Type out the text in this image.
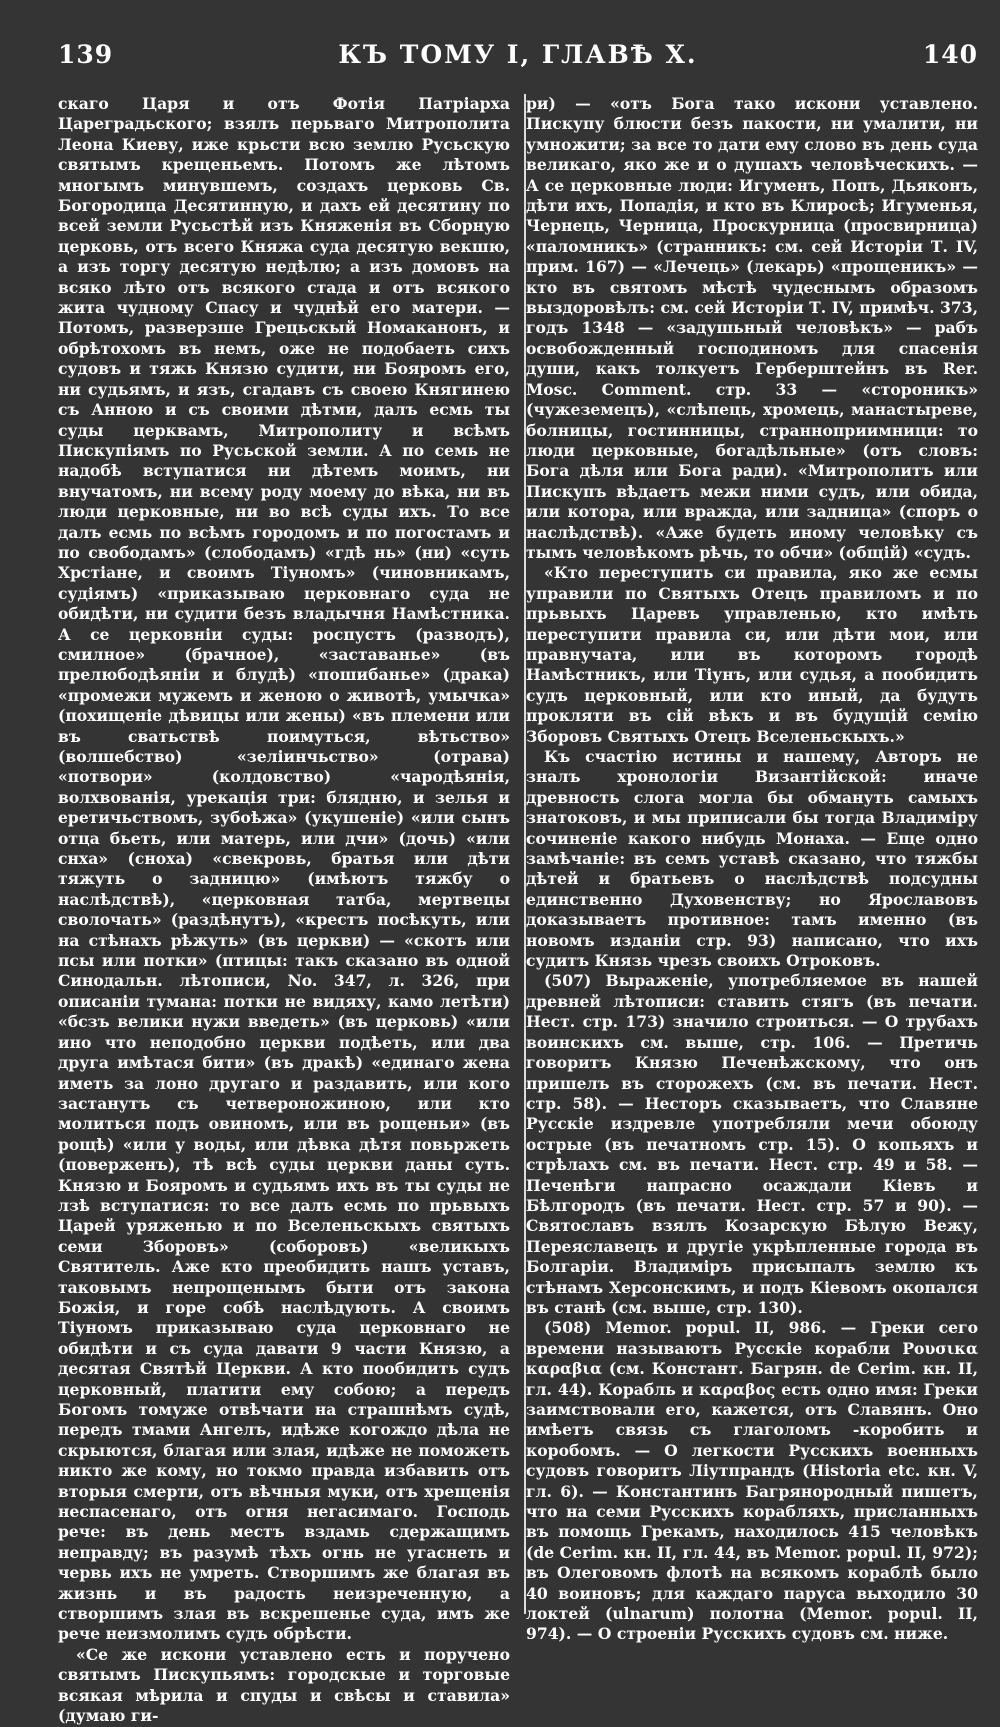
139	КЪ ТОМУ I, ГЛАВѢ X.	140

скаго Царя и отъ Фотія Патріарха Цареградьского; взялъ перьваго Митрополита Леона Киеву, иже крьсти всю землю Русьскую святымъ крещеньемъ. Потомъ же лѣтомъ многымъ минувшемъ, создахъ церковь Св. Богородица Десятинную, и дахъ ей десятину по всей земли Русьстѣй изъ Княженія въ Сборную церковь, отъ всего Княжа суда десятую векшю, а изъ торгу десятую недѣлю; а изъ домовъ на всяко лѣто отъ всякого стада и отъ всякого жита чудному Спасу и чуднѣй его матери. — Потомъ, разверзше Грецьскый Номаканонъ, и обрѣтохомъ въ немъ, оже не подобаеть сихъ судовъ и тяжь Князю судити, ни Бояромъ его, ни судьямъ, и язъ, сгадавъ съ своею Княгинею съ Анною и съ своими дѣтми, далъ есмь ты суды церквамъ, Митрополиту и всѣмъ Пискупіямъ по Русьской земли. А по семь не надобѣ вступатися ни дѣтемъ моимъ, ни внучатомъ, ни всему роду моему до вѣка, ни въ люди церковные, ни во всѣ суды ихъ. То все далъ есмь по всѣмъ городомъ и по погостамъ и по свободамъ» (слободамъ) «гдѣ нь» (ни) «суть Хрстіане, и своимъ Тіуномъ» (чиновникамъ, судіямъ) «приказываю церковнаго суда не обидѣти, ни судити безъ владычня Намѣстника. А се церковніи суды: роспустъ (разводъ), смилное» (брачное), «заставанье» (въ прелюбодѣяніи и блудѣ) «пошибанье» (драка) «промежи мужемъ и женою о животѣ, умычка» (похищеніе дѣвицы или жены) «въ племени или въ сватьствѣ поимуться, вѣтьство» (волшебство) «зеліинчьство» (отрава) «потвори» (колдовство) «чародѣянія, волхвованія, урекація три: блядню, и зелья и еретичьствомъ, зубоѣжа» (укушеніе) «или сынъ отца бьеть, или матерь, или дчи» (дочь) «или снха» (сноха) «свекровь, братья или дѣти тяжуть о задницю» (имѣютъ тяжбу о наслѣдствѣ), «церковная татба, мертвецы сволочать» (раздѣнутъ), «крестъ посѣкуть, или на стѣнахъ рѣжуть» (въ церкви) — «скотъ или псы или потки» (птицы: такъ сказано въ одной Синодальн. лѣтописи, No. 347, л. 326, при описаніи тумана: потки не видяху, камо летѣти) «бсзъ велики нужи введеть» (въ церковь) «или ино что неподобно церкви подѣеть, или два друга имѣтася бити» (въ дракѣ) «единаго жена иметь за лоно другаго и раздавить, или кого застанутъ съ четвероножиною, или кто молиться подъ овиномъ, или въ рощеньи» (въ рощѣ) «или у воды, или дѣвка дѣтя повьржеть (поверженъ), тѣ всѣ суды церкви даны суть. Князю и Бояромъ и судьямъ ихъ въ ты суды не лзѣ вступатися: то все далъ есмь по прьвыхъ Царей уряженью и по Вселеньскыхъ святыхъ семи Зборовъ» (соборовъ) «великыхъ Святитель. Аже кто преобидить нашъ уставъ, таковымъ непрощенымъ быти отъ закона Божія, и горе собѣ наслѣдують. А своимъ Тіуномъ приказываю суда церковнаго не обидѣти и съ суда давати 9 части Князю, а десятая Святѣй Церкви. А кто пообидить судъ церковный, платити ему собою; а передъ Богомъ томуже отвѣчати на страшнѣмъ судѣ, передъ тмами Ангелъ, идѣже когождо дѣла не скрыются, благая или злая, идѣже не поможеть никто же кому, но токмо правда избавить отъ вторыя смерти, отъ вѣчныя муки, отъ хрещенія неспасенаго, отъ огня негасимаго. Господь рече: въ день местъ вздамь сдержащимъ неправду; въ разумѣ тѣхъ огнь не угаснеть и червь ихъ не умреть. Створшимъ же благая въ жизнь и въ радость неизреченную, а створшимъ злая въ вскрешенье суда, имъ же рече неизмолимъ судъ обрѣсти.

«Се же искони уставлено есть и поручено святымъ Пискупьямъ: городскые и торговые всякая мѣрила и спуды и свѣсы и ставила» (думаю ги-

ри) — «отъ Бога тако искони уставлено. Пискупу блюсти безъ пакости, ни умалити, ни умножити; за все то дати ему слово въ день суда великаго, яко же и о душахъ человѣческихъ. — А се церковные люди: Игуменъ, Попъ, Дьяконъ, дѣти ихъ, Попадія, и кто въ Клиросѣ; Игуменья, Чернець, Черница, Проскурница (просвирница) «паломникъ» (странникъ: см. сей Исторіи Т. IV, прим. 167) — «Лечець» (лекарь) «прощеникъ» — кто въ святомъ мѣстѣ чудеснымъ образомъ выздоровѣлъ: см. сей Исторіи Т. IV, примѣч. 373, годъ 1348 — «задушьный человѣкъ» — рабъ освобожденный господиномъ для спасенія души, какъ толкуетъ Герберштейнъ въ Rer. Mosc. Comment. стр. 33 — «стороникъ» (чужеземецъ), «слѣпець, хромець, манастыреве, болницы, гостинницы, странноприимници: то люди церковные, богадѣльные» (отъ словъ: Бога дѣля или Бога ради). «Митрополитъ или Пискупъ вѣдаетъ межи ними судъ, или обида, или котора, или вражда, или задница» (споръ о наслѣдствѣ). «Аже будеть иному человѣку съ тымъ человѣкомъ рѣчь, то обчи» (общій) «судъ.

«Кто переступить си правила, яко же есмы управили по Святыхъ Отецъ правиломъ и по прьвыхъ Царевъ управленью, кто имѣть переступити правила си, или дѣти мои, или правнучата, или въ которомъ городѣ Намѣстникъ, или Тіунъ, или судья, а пообидить судъ церковный, или кто иный, да будуть прокляти въ сій вѣкъ и въ будущій семію Зборовъ Святыхъ Отецъ Вселеньскыхъ.»

Къ счастію истины и нашему, Авторъ не зналъ хронологіи Византійской: иначе древность слога могла бы обмануть самыхъ знатоковъ, и мы приписали бы тогда Владиміру сочиненіе какого нибудь Монаха. — Еще одно замѣчаніе: въ семъ уставѣ сказано, что тяжбы дѣтей и братьевъ о наслѣдствѣ подсудны единственно Духовенству; но Ярославовъ доказываетъ противное: тамъ именно (въ новомъ изданіи стр. 93) написано, что ихъ судитъ Князь чрезъ своихъ Отроковъ.

(507) Выраженіе, употребляемое въ нашей древней лѣтописи: ставить стягъ (въ печати. Нест. стр. 173) значило строиться. — О трубахъ воинскихъ см. выше, стр. 106. — Претичь говоритъ Князю Печенѣжскому, что онъ пришелъ въ сторожехъ (см. въ печати. Нест. стр. 58). — Несторъ сказываетъ, что Славяне Русскіе издревле употребляли мечи обоюду острые (въ печатномъ стр. 15). О копьяхъ и стрѣлахъ см. въ печати. Нест. стр. 49 и 58. — Печенѣги напрасно осаждали Кіевъ и Бѣлгородъ (въ печати. Нест. стр. 57 и 90). — Святославъ взялъ Козарскую Бѣлую Вежу, Переяславецъ и другіе укрѣпленные города въ Болгаріи. Владиміръ присыпалъ землю къ стѣнамъ Херсонскимъ, и подъ Кіевомъ окопался въ станѣ (см. выше, стр. 130).

(508) Memor. popul. II, 986. — Греки сего времени называютъ Русскіе корабли Ρουσικα καραβια (см. Констант. Багрян. de Cerim. кн. II, гл. 44). Корабль и καραβος есть одно имя: Греки заимствовали его, кажется, отъ Славянъ. Оно имѣетъ связь съ глаголомъ -коробить и коробомъ. — О легкости Русскихъ военныхъ судовъ говоритъ Ліутпрандъ (Historia etc. кн. V, гл. 6). — Константинъ Багрянородный пишетъ, что на семи Русскихъ корабляхъ, присланныхъ въ помощь Грекамъ, находилось 415 человѣкъ (de Cerim. кн. II, гл. 44, въ Memor. popul. II, 972); въ Олеговомъ флотѣ на всякомъ кораблѣ было 40 воиновъ; для каждаго паруса выходило 30 локтей (ulnarum) полотна (Memor. popul. II, 974). — О строеніи Русскихъ судовъ см. ниже.
